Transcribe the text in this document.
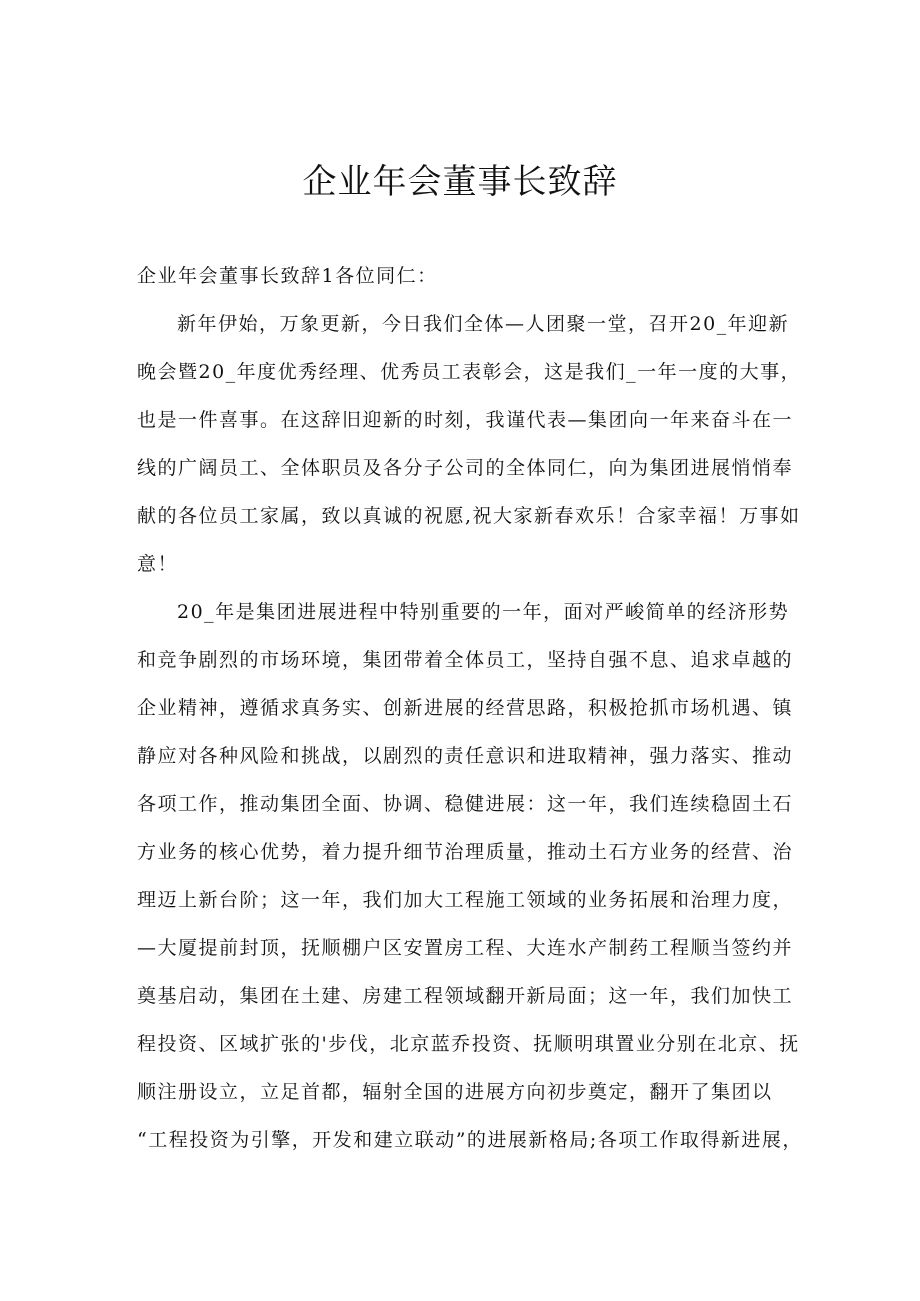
企业年会董事长致辞
企业年会董事长致辞1各位同仁：
新年伊始，万象更新，今日我们全体—人团聚一堂，召开20_年迎新
晚会暨20_年度优秀经理、优秀员工表彰会，这是我们_一年一度的大事，
也是一件喜事。在这辞旧迎新的时刻，我谨代表—集团向一年来奋斗在一
线的广阔员工、全体职员及各分子公司的全体同仁，向为集团进展悄悄奉
献的各位员工家属，致以真诚的祝愿,祝大家新春欢乐！合家幸福！万事如
意！
20_年是集团进展进程中特别重要的一年，面对严峻简单的经济形势
和竞争剧烈的市场环境，集团带着全体员工，坚持自强不息、追求卓越的
企业精神，遵循求真务实、创新进展的经营思路，积极抢抓市场机遇、镇
静应对各种风险和挑战，以剧烈的责任意识和进取精神，强力落实、推动
各项工作，推动集团全面、协调、稳健进展：这一年，我们连续稳固土石
方业务的核心优势，着力提升细节治理质量，推动土石方业务的经营、治
理迈上新台阶；这一年，我们加大工程施工领域的业务拓展和治理力度，
—大厦提前封顶，抚顺棚户区安置房工程、大连水产制药工程顺当签约并
奠基启动，集团在土建、房建工程领域翻开新局面；这一年，我们加快工
程投资、区域扩张的'步伐，北京蓝乔投资、抚顺明琪置业分别在北京、抚
顺注册设立，立足首都，辐射全国的进展方向初步奠定，翻开了集团以
“工程投资为引擎，开发和建立联动”的进展新格局;各项工作取得新进展，
